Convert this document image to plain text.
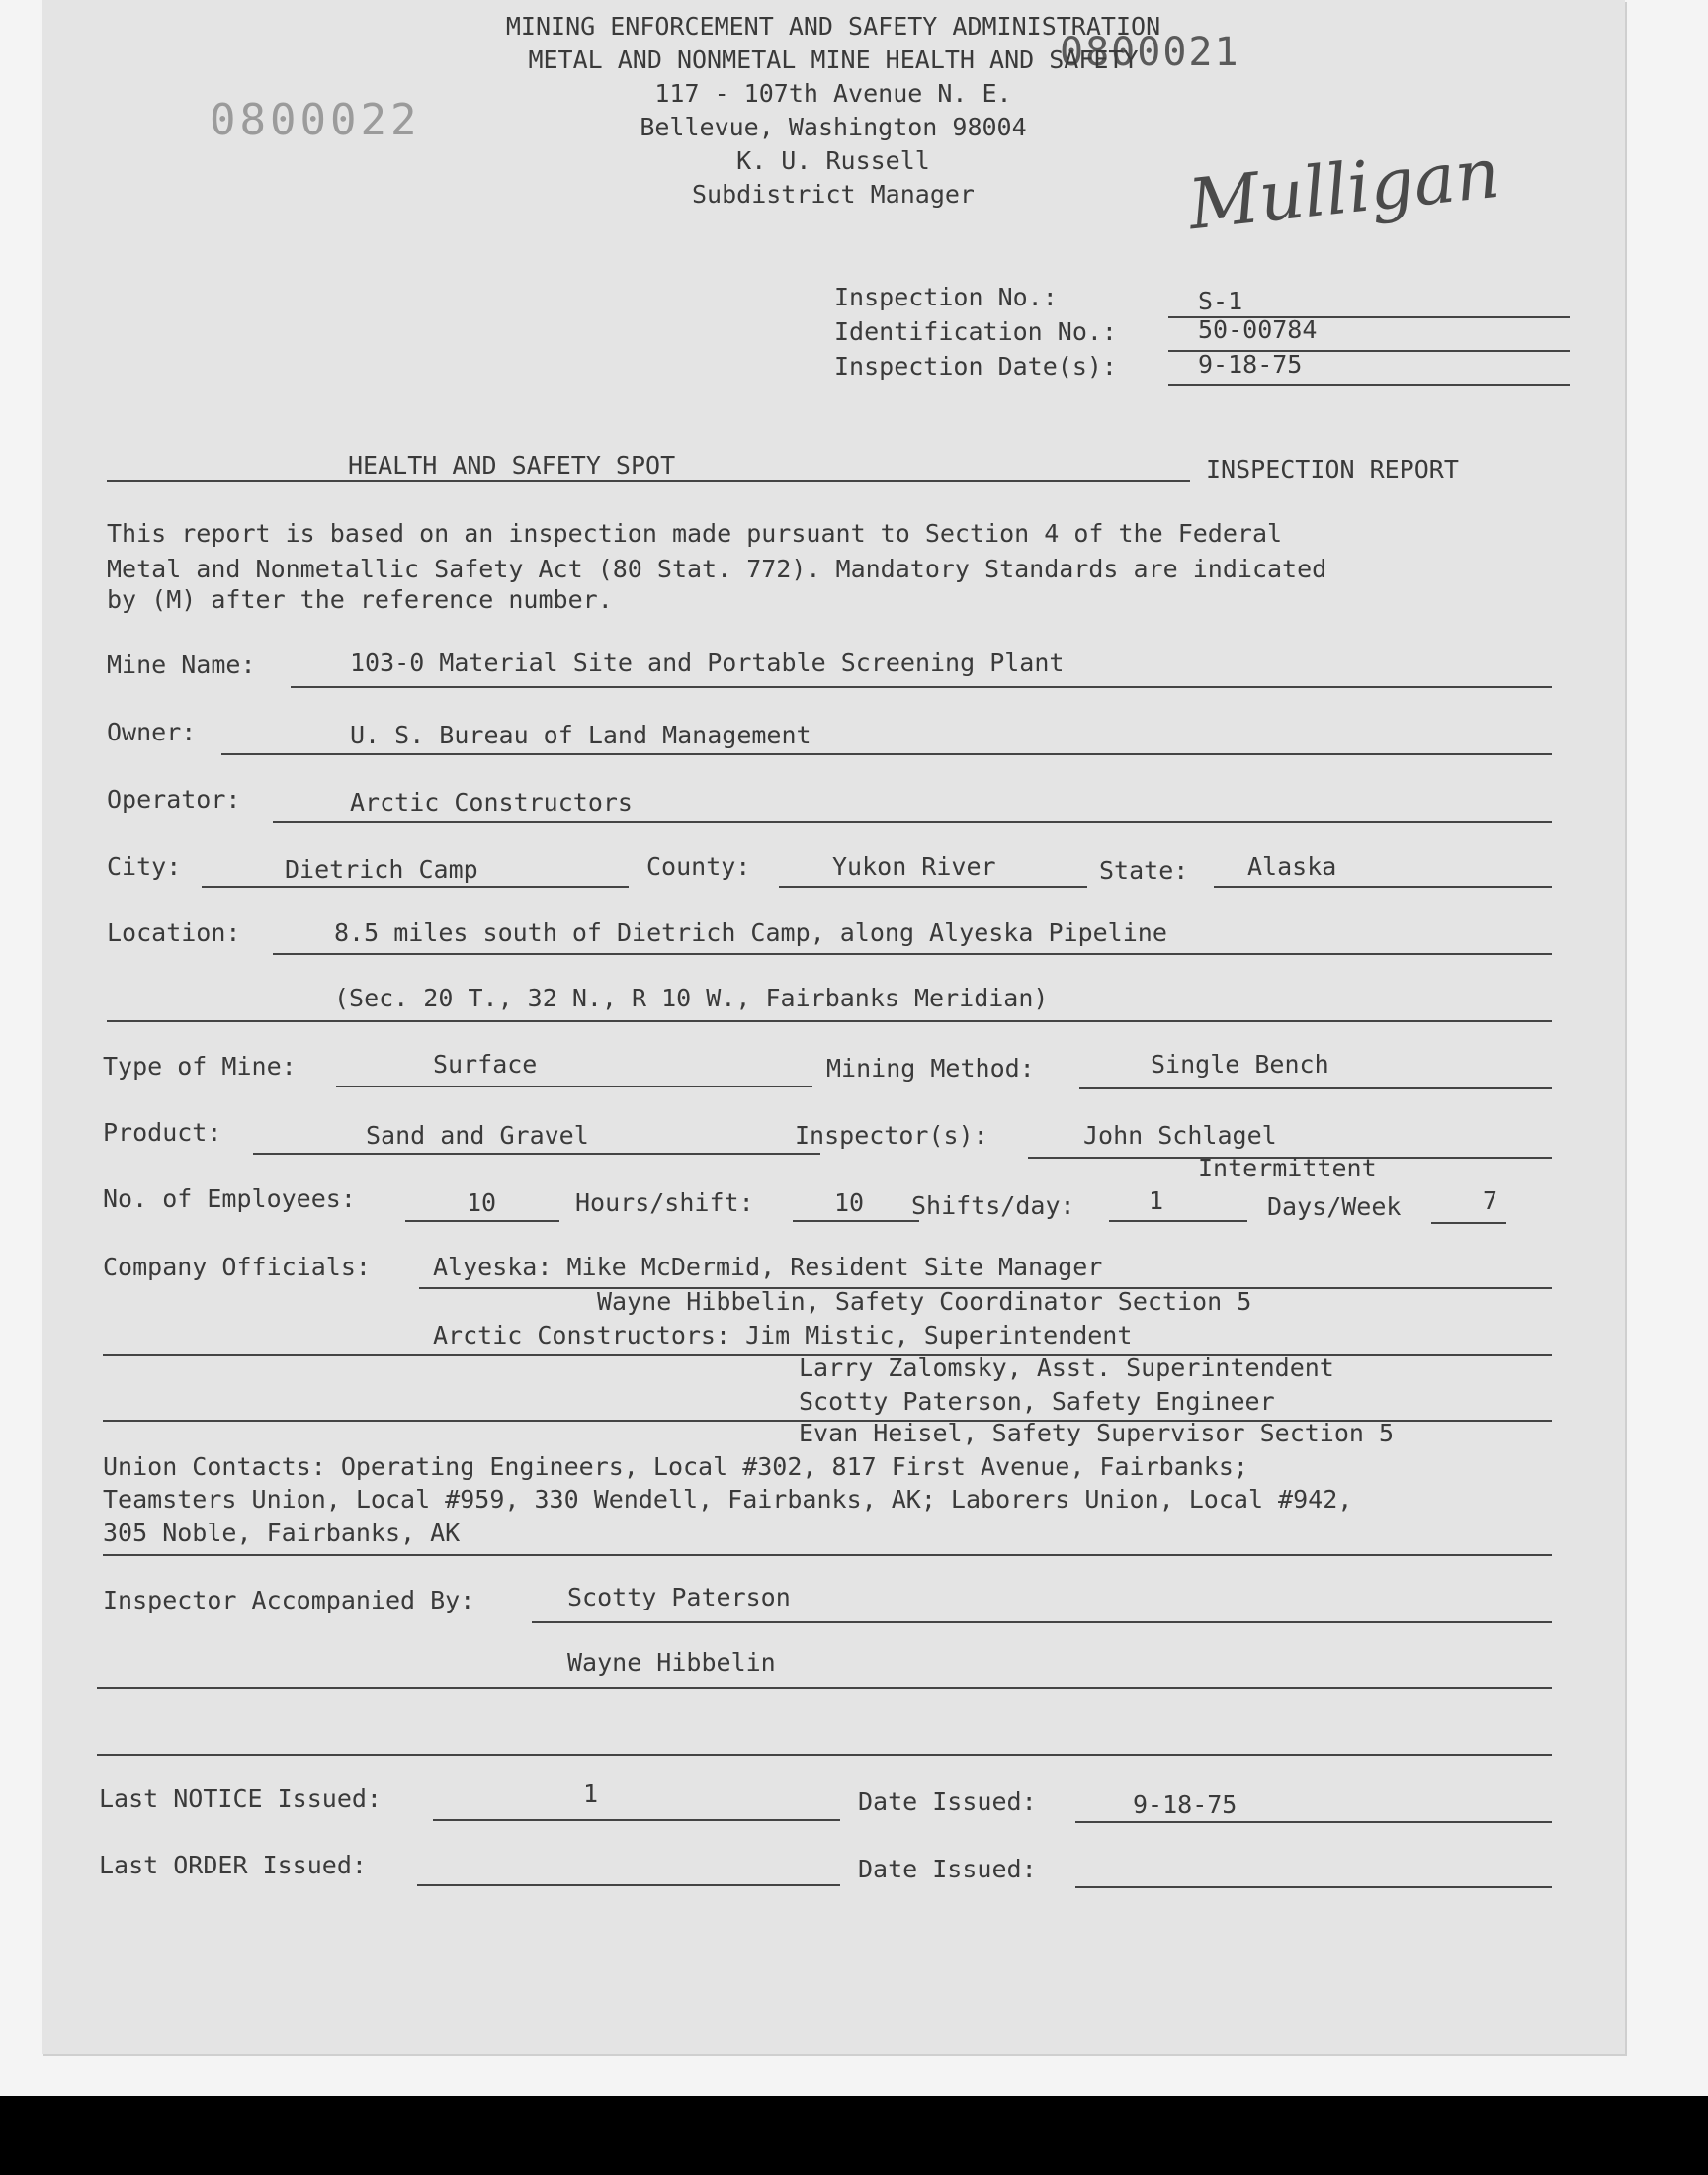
0800022
0800021
Mulligan
MINING ENFORCEMENT AND SAFETY ADMINISTRATION
METAL AND NONMETAL MINE HEALTH AND SAFETY
117 - 107th Avenue N. E.
Bellevue, Washington 98004
K. U. Russell
Subdistrict Manager
Inspection No.:	S-1
Identification No.:	50-00784
Inspection Date(s):	9-18-75
HEALTH AND SAFETY SPOT	INSPECTION REPORT
This report is based on an inspection made pursuant to Section 4 of the Federal
Metal and Nonmetallic Safety Act (80 Stat. 772). Mandatory Standards are indicated
by (M) after the reference number.
Mine Name:	103-0 Material Site and Portable Screening Plant
Owner:	U. S. Bureau of Land Management
Operator:	Arctic Constructors
City:	Dietrich Camp	County:	Yukon River	State: Alaska
Location:	8.5 miles south of Dietrich Camp, along Alyeska Pipeline
(Sec. 20 T., 32 N., R 10 W., Fairbanks Meridian)
Type of Mine:	Surface	Mining Method:	Single Bench
Product:	Sand and Gravel	Inspector(s):	John Schlagel
Intermittent
No. of Employees:	10	Hours/shift:	10 Shifts/day:	1	Days/Week	7
Company Officials:	Alyeska: Mike McDermid, Resident Site Manager
Wayne Hibbelin, Safety Coordinator Section 5
Arctic Constructors: Jim Mistic, Superintendent
Larry Zalomsky, Asst. Superintendent
Scotty Paterson, Safety Engineer
Evan Heisel, Safety Supervisor Section 5
Union Contacts: Operating Engineers, Local #302, 817 First Avenue, Fairbanks;
Teamsters Union, Local #959, 330 Wendell, Fairbanks, AK; Laborers Union, Local #942,
305 Noble, Fairbanks, AK
Inspector Accompanied By:	Scotty Paterson
Wayne Hibbelin
Last NOTICE Issued:	1	Date Issued:	9-18-75
Last ORDER Issued:	Date Issued:
